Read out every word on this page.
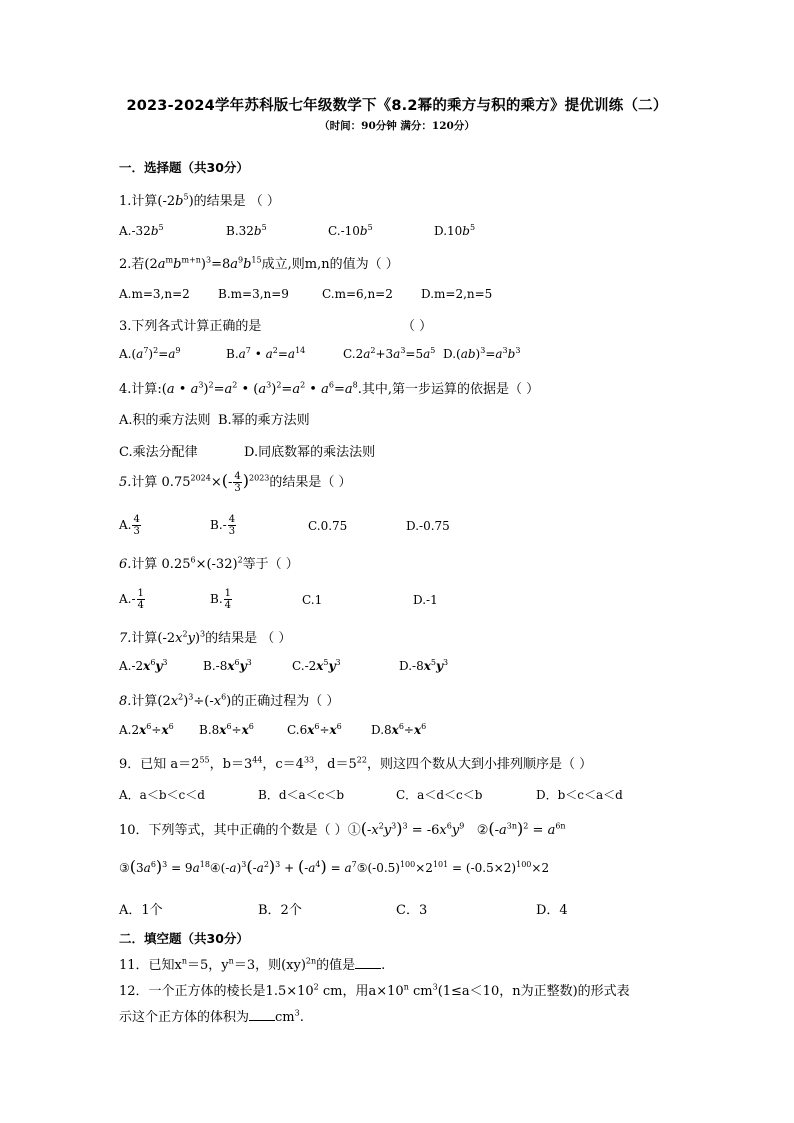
2023-2024学年苏科版七年级数学下《8.2幂的乘方与积的乘方》提优训练（二）
（时间：90分钟 满分：120分）
一．选择题（共30分）
1.计算$(-2b^5)$的结果是 （ ）
$A.-32b^5$	$B.32b^5$	$C.-10b^5$	$D.10b^5$
2.若$(2a^mb^{m+n})^3=8a^9b^{15}$成立,则m,n的值为（ ）
A.m=3,n=2 B.m=3,n=9	C.m=6,n=2 D.m=2,n=5
3.下列各式计算正确的是	（ ）
$A.(a^7)^2=a^9$	$B.a^7$ • $a^2=a^{14}$	$C.2a^2+3a^3=5a^5$ $D.(ab)^3=a^3b^3$
4.计算:(a • $a^3)^2=a^2$ • $(a^3)^2=a^2$ • $a^6=a^8$.其中,第一步运算的依据是（ ）
A.积的乘方法则 B.幂的乘方法则
C.乘法分配律	D.同底数幂的乘法法则
5.计算 $0.75^{2024}\times(- \frac{4}{3} )^{2023}$的结果是（ ）
A. $\frac{4}{3}$	$B.- \frac{4}{3}$	C.0.75	D.-0.75
6.计算 $0.25^6\times(-32)^2$等于（ ）
$A.- \frac{1}{4}$	B. $\frac{1}{4}$	C.1	D.-1
7.计算$(-2x^2y)^3$的结果是 （ ）
$A.-2x^6y^3$	$B.-8x^6y^3$	$C.-2x^5y^3$	$D.-8x^5y^3$
8.计算$(2x^2)^3\div(-x^6)$的正确过程为（ ）
$A.2x^6\div x^6$ $B.8x^6\div x^6$	$C.6x^6\div x^6$ $D.8x^6\div x^6$
9．已知 $a=2^{55}$，$b=3^{44}$，$c=4^{33}$，$d=5^{22}$，则这四个数从大到小排列顺序是（ ）
A．a＜b＜c＜d	B．d＜a＜c＜b	C．a＜d＜c＜b	D．b＜c＜a＜d
10．下列等式，其中正确的个数是（ ）$①(-x^2y^3)^3 = -6x^6y^9$   $②(-a^{3n})^2 = a^{6n}$
$③(3a^6)^3$ = $9a^{18}④(-a)^3(-a^2)^3 + (-a^4)$ = $a^7⑤(-0.5)^{100}\times 2^{101} = (-0.5\times 2)^{100}\times 2$
A．1个	B．2个	C．3	D．4
二．填空题（共30分）
11．已知$x^n=5$，$y^n=3$，则(xy)$^{2n}$的值是 .
12．一个正方体的棱长是$1.5\times 10^2$ cm，用$a\times 10^n$ $cm^3(1\le a<10$，n为正整数)的形式表
示这个正方体的体积为 $cm^3$.
